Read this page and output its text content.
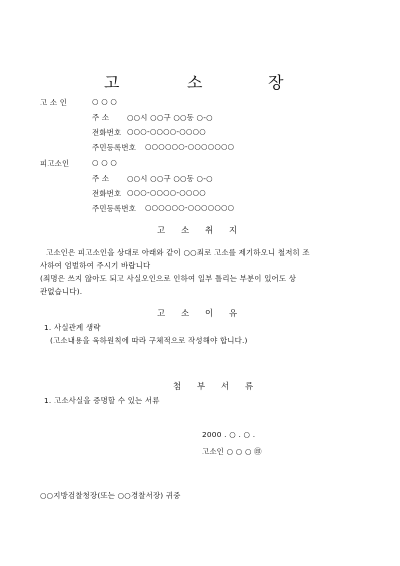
고	소	장
고 소 인	○ ○ ○
주 소 ○○시 ○○구 ○○동 ○-○
전화번호 ○○○-○○○○-○○○○
주민등록번호 ○○○○○○-○○○○○○○
피고소인	○ ○ ○
주 소 ○○시 ○○구 ○○동 ○-○
전화번호 ○○○-○○○○-○○○○
주민등록번호 ○○○○○○-○○○○○○○
고 소 취 지
고소인은 피고소인을 상대로 아래와 같이 ○○죄로 고소를 제기하오니 철저히 조
사하여 엄벌하여 주시기 바랍니다
(죄명은 쓰지 않아도 되고 사실오인으로 인하여 일부 틀리는 부분이 있어도 상
관없습니다).
고 소 이 유
1. 사실관계 생략
(고소내용을 육하원칙에 따라 구체적으로 작성해야 합니다.)
첨 부 서 류
1. 고소사실을 증명할 수 있는 서류
2000 . ○ . ○ .
고소인 ○ ○ ○ ㊞
○○지방검찰청장(또는 ○○경찰서장) 귀중
